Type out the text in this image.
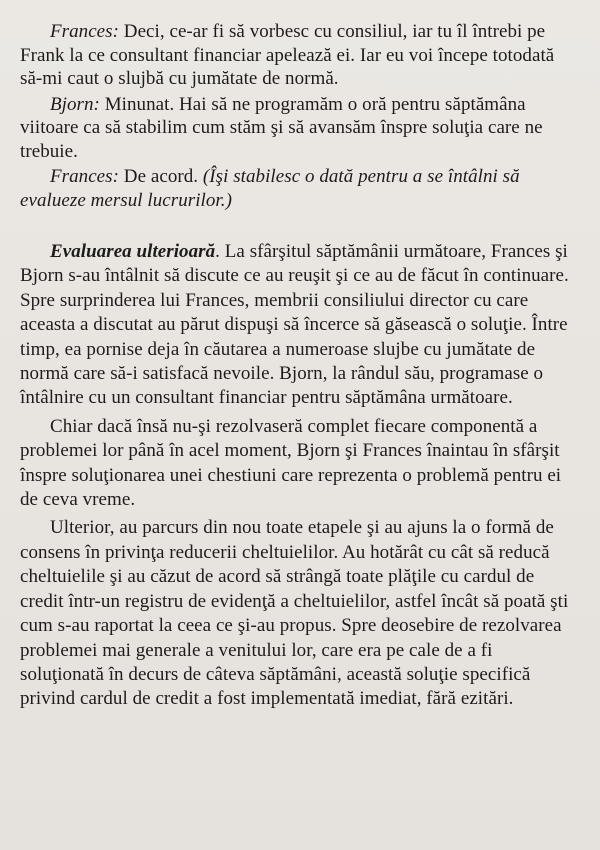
Frances: Deci, ce-ar fi să vorbesc cu consiliul, iar tu îl întrebi pe Frank la ce consultant financiar apelează ei. Iar eu voi începe totodată să-mi caut o slujbă cu jumătate de normă.

Bjorn: Minunat. Hai să ne programăm o oră pentru săptămâna viitoare ca să stabilim cum stăm şi să avansăm înspre soluţia care ne trebuie.

Frances: De acord. (Îşi stabilesc o dată pentru a se întâlni să evalueze mersul lucrurilor.)

Evaluarea ulterioară. La sfârşitul săptămânii următoare, Frances şi Bjorn s-au întâlnit să discute ce au reuşit şi ce au de făcut în continuare. Spre surprinderea lui Frances, membrii consiliului director cu care aceasta a discutat au părut dispuşi să încerce să găsească o soluţie. Între timp, ea pornise deja în căutarea a numeroase slujbe cu jumătate de normă care să-i satisfacă nevoile. Bjorn, la rândul său, programase o întâlnire cu un consultant financiar pentru săptămâna următoare.

Chiar dacă însă nu-şi rezolvaseră complet fiecare componentă a problemei lor până în acel moment, Bjorn şi Frances înaintau în sfârşit înspre soluţionarea unei chestiuni care reprezenta o problemă pentru ei de ceva vreme.

Ulterior, au parcurs din nou toate etapele şi au ajuns la o formă de consens în privinţa reducerii cheltuielilor. Au hotărât cu cât să reducă cheltuielile şi au căzut de acord să strângă toate plăţile cu cardul de credit într-un registru de evidenţă a cheltuielilor, astfel încât să poată şti cum s-au raportat la ceea ce şi-au propus. Spre deosebire de rezolvarea problemei mai generale a venitului lor, care era pe cale de a fi soluţionată în decurs de câteva săptămâni, această soluţie specifică privind cardul de credit a fost implementată imediat, fără ezitări.
